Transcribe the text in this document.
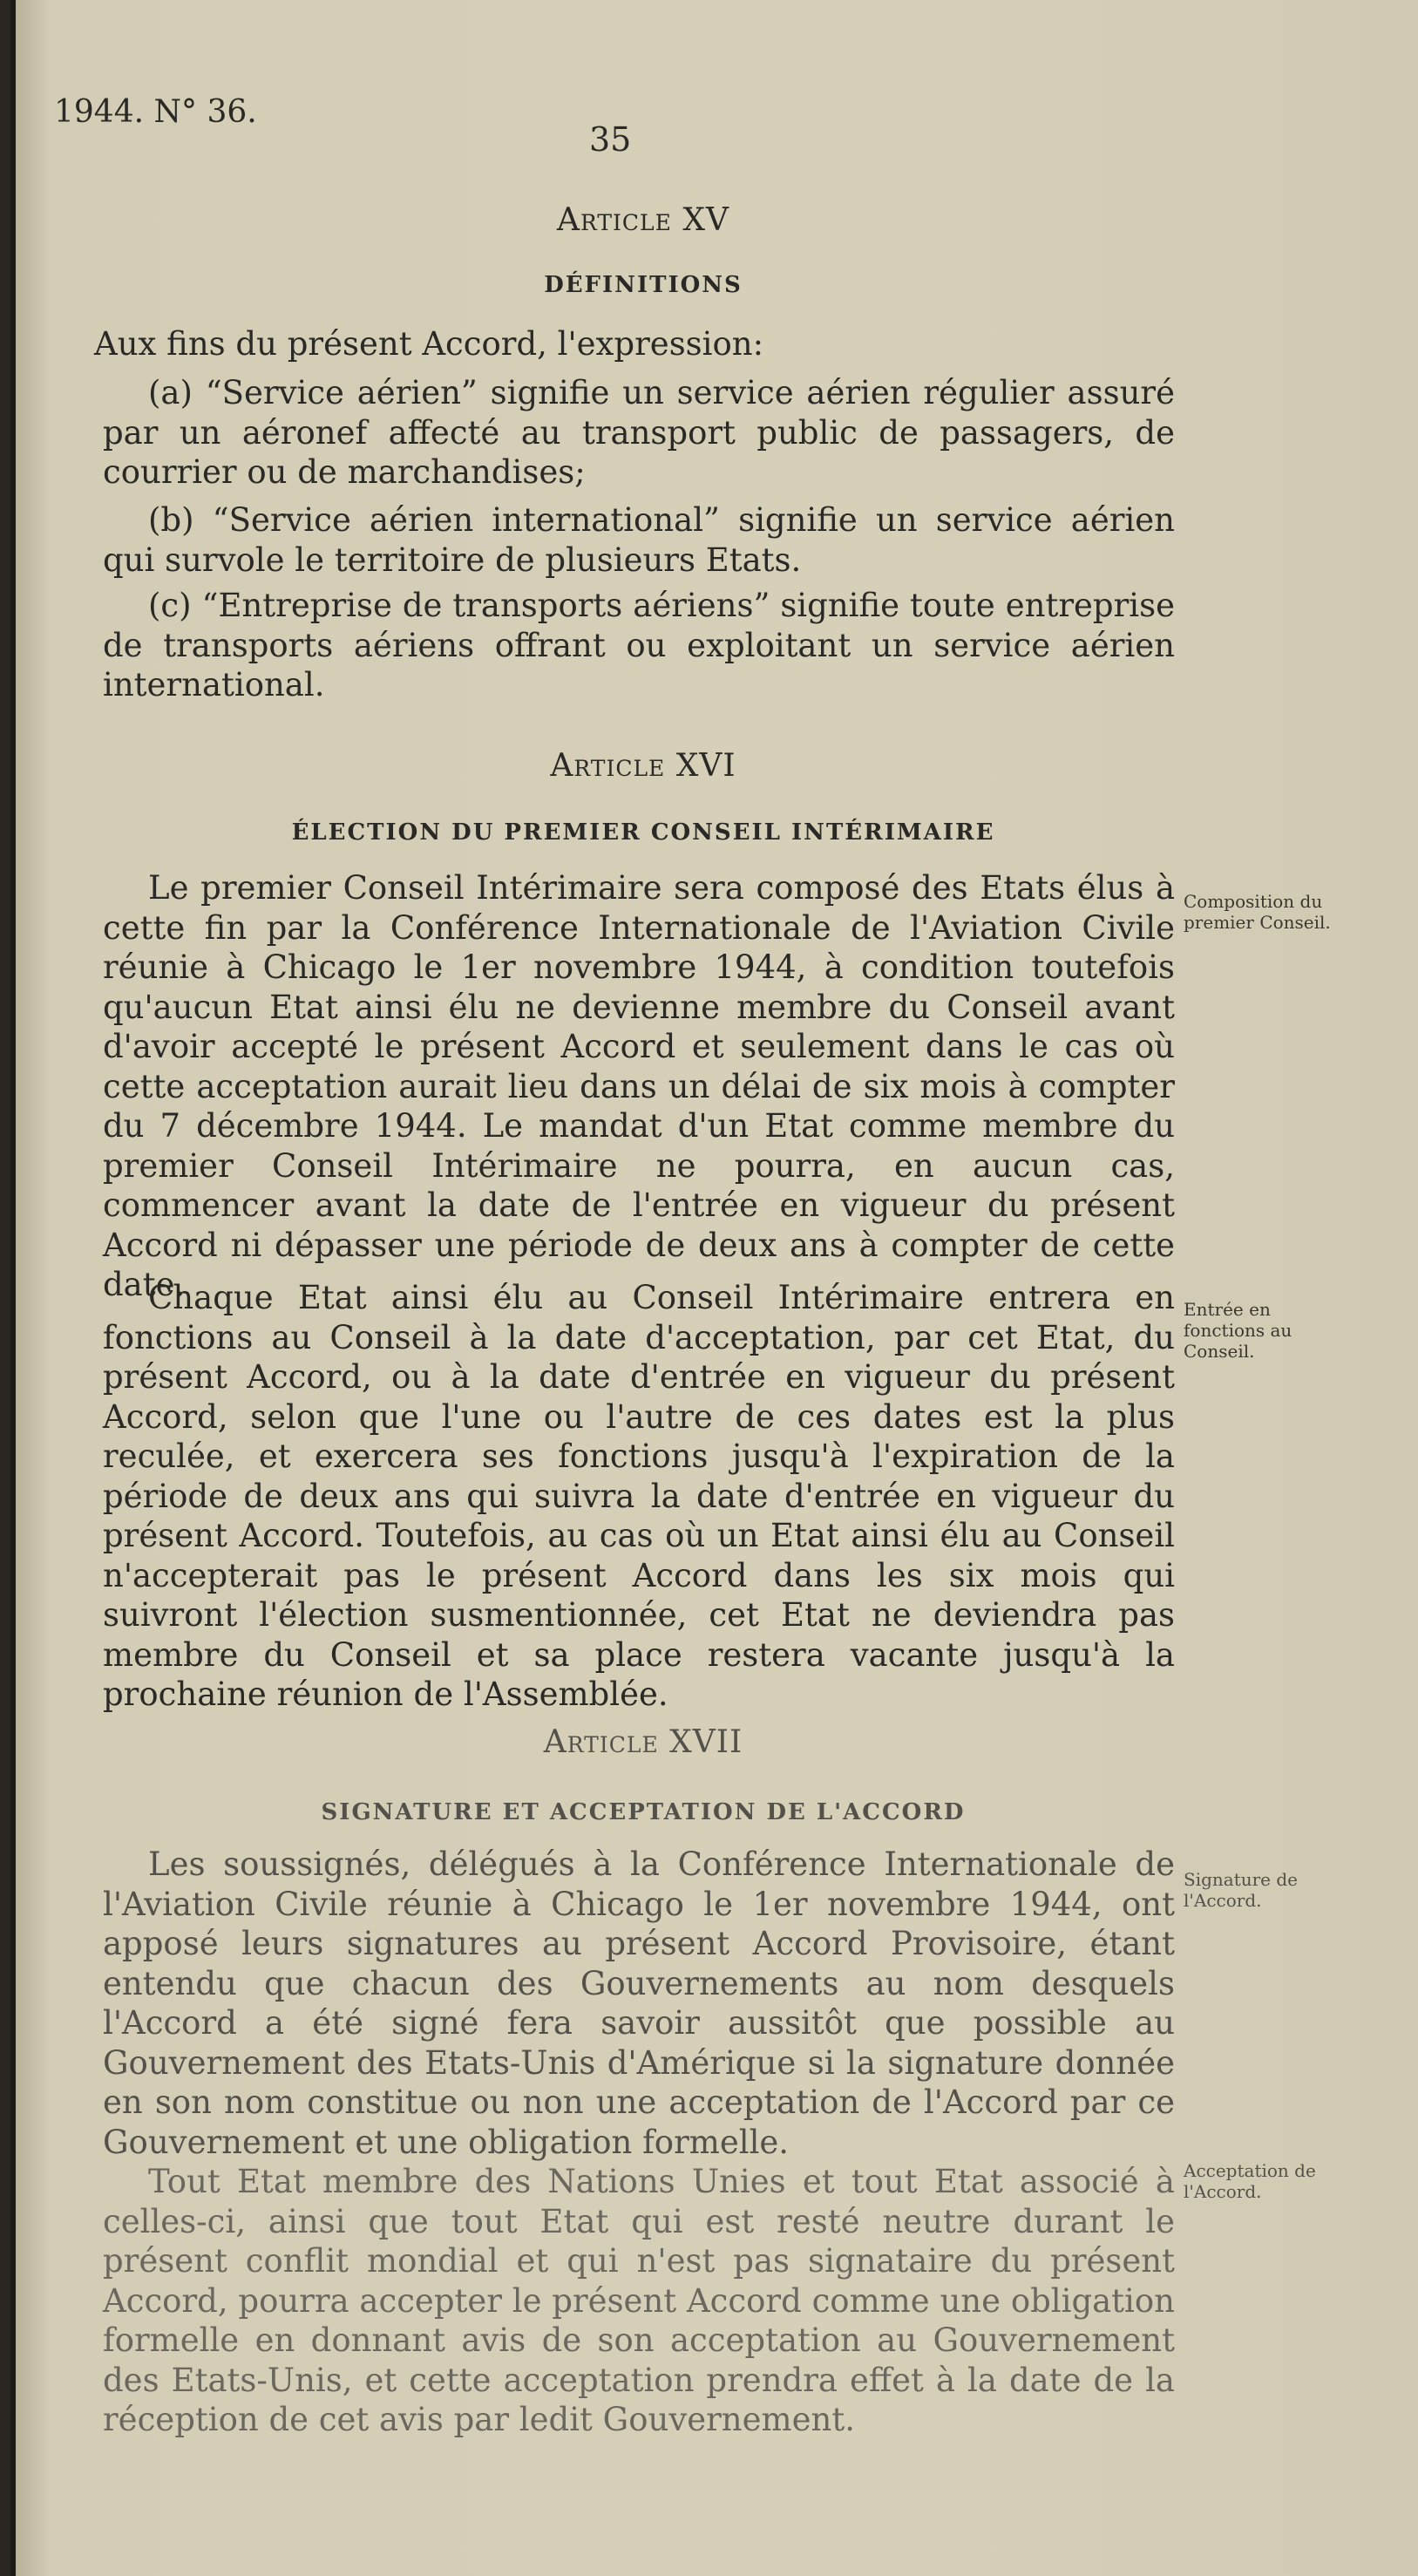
1944. N° 36.
35
Article XV
DÉFINITIONS

Aux fins du présent Accord, l'expression:

(a) “Service aérien” signifie un service aérien régulier assuré par un aéronef affecté au transport public de passagers, de courrier ou de marchandises;

(b) “Service aérien international” signifie un service aérien qui survole le territoire de plusieurs Etats.

(c) “Entreprise de transports aériens” signifie toute entreprise de transports aériens offrant ou exploitant un service aérien international.

Article XVI
ÉLECTION DU PREMIER CONSEIL INTÉRIMAIRE

Le premier Conseil Intérimaire sera composé des Etats élus à cette fin par la Conférence Internationale de l'Aviation Civile réunie à Chicago le 1er novembre 1944, à condition toutefois qu'aucun Etat ainsi élu ne devienne membre du Conseil avant d'avoir accepté le présent Accord et seulement dans le cas où cette acceptation aurait lieu dans un délai de six mois à compter du 7 décembre 1944. Le mandat d'un Etat comme membre du premier Conseil Intérimaire ne pourra, en aucun cas, commencer avant la date de l'entrée en vigueur du présent Accord ni dépasser une période de deux ans à compter de cette date.

Composition du premier Conseil.

Chaque Etat ainsi élu au Conseil Intérimaire entrera en fonctions au Conseil à la date d'acceptation, par cet Etat, du présent Accord, ou à la date d'entrée en vigueur du présent Accord, selon que l'une ou l'autre de ces dates est la plus reculée, et exercera ses fonctions jusqu'à l'expiration de la période de deux ans qui suivra la date d'entrée en vigueur du présent Accord. Toutefois, au cas où un Etat ainsi élu au Conseil n'accepterait pas le présent Accord dans les six mois qui suivront l'élection susmentionnée, cet Etat ne deviendra pas membre du Conseil et sa place restera vacante jusqu'à la prochaine réunion de l'Assemblée.

Entrée en fonctions au Conseil.
Article XVII
SIGNATURE ET ACCEPTATION DE L'ACCORD

Les soussignés, délégués à la Conférence Internationale de l'Aviation Civile réunie à Chicago le 1er novembre 1944, ont apposé leurs signatures au présent Accord Provisoire, étant entendu que chacun des Gouvernements au nom desquels l'Accord a été signé fera savoir aussitôt que possible au Gouvernement des Etats-Unis d'Amérique si la signature donnée en son nom constitue ou non une acceptation de l'Accord par ce Gouvernement et une obligation formelle.

Signature de l'Accord.

Tout Etat membre des Nations Unies et tout Etat associé à celles-ci, ainsi que tout Etat qui est resté neutre durant le présent conflit mondial et qui n'est pas signataire du présent Accord, pourra accepter le présent Accord comme une obligation formelle en donnant avis de son acceptation au Gouvernement des Etats-Unis, et cette acceptation prendra effet à la date de la réception de cet avis par ledit Gouvernement.

Acceptation de l'Accord.
